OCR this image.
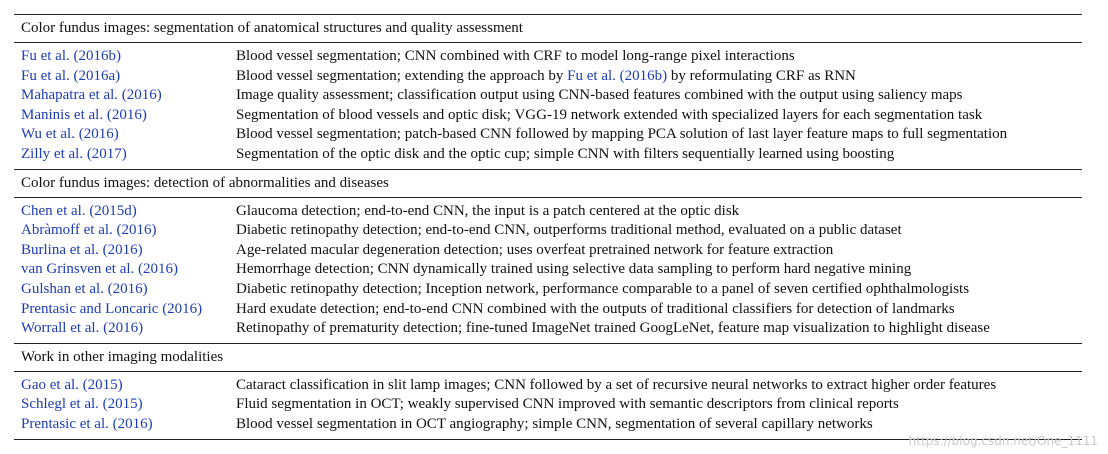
Color fundus images: segmentation of anatomical structures and quality assessment
Fu et al. (2016b)	Blood vessel segmentation; CNN combined with CRF to model long-range pixel interactions
Fu et al. (2016a)	Blood vessel segmentation; extending the approach by Fu et al. (2016b) by reformulating CRF as RNN
Mahapatra et al. (2016)	Image quality assessment; classification output using CNN-based features combined with the output using saliency maps
Maninis et al. (2016)	Segmentation of blood vessels and optic disk; VGG-19 network extended with specialized layers for each segmentation task
Wu et al. (2016)	Blood vessel segmentation; patch-based CNN followed by mapping PCA solution of last layer feature maps to full segmentation
Zilly et al. (2017)	Segmentation of the optic disk and the optic cup; simple CNN with filters sequentially learned using boosting
Color fundus images: detection of abnormalities and diseases
Chen et al. (2015d)	Glaucoma detection; end-to-end CNN, the input is a patch centered at the optic disk
Abràmoff et al. (2016)	Diabetic retinopathy detection; end-to-end CNN, outperforms traditional method, evaluated on a public dataset
Burlina et al. (2016)	Age-related macular degeneration detection; uses overfeat pretrained network for feature extraction
van Grinsven et al. (2016)	Hemorrhage detection; CNN dynamically trained using selective data sampling to perform hard negative mining
Gulshan et al. (2016)	Diabetic retinopathy detection; Inception network, performance comparable to a panel of seven certified ophthalmologists
Prentasic and Loncaric (2016)	Hard exudate detection; end-to-end CNN combined with the outputs of traditional classifiers for detection of landmarks
Worrall et al. (2016)	Retinopathy of prematurity detection; fine-tuned ImageNet trained GoogLeNet, feature map visualization to highlight disease
Work in other imaging modalities
Gao et al. (2015)	Cataract classification in slit lamp images; CNN followed by a set of recursive neural networks to extract higher order features
Schlegl et al. (2015)	Fluid segmentation in OCT; weakly supervised CNN improved with semantic descriptors from clinical reports
Prentasic et al. (2016)	Blood vessel segmentation in OCT angiography; simple CNN, segmentation of several capillary networks
https://blog.csdn.net/One_1111
